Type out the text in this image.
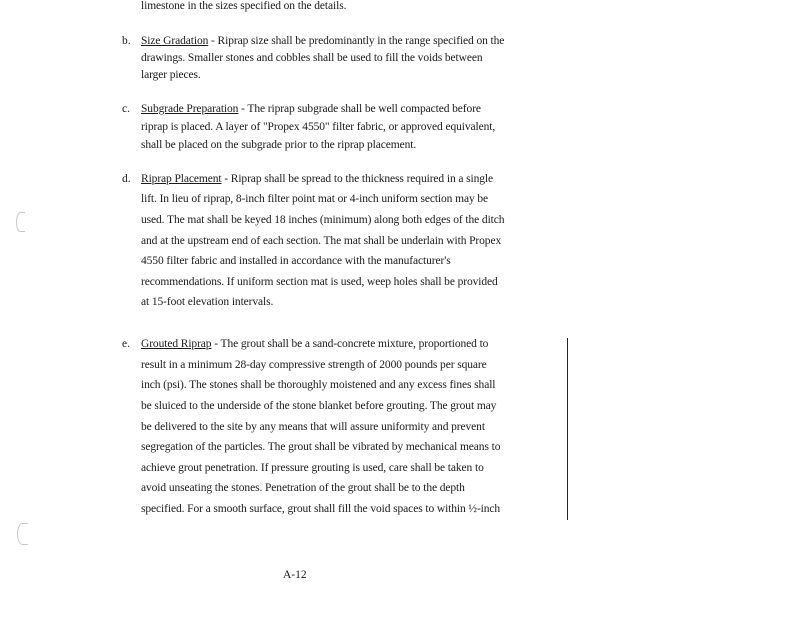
limestone in the sizes specified on the details.
b. Size Gradation - Riprap size shall be predominantly in the range specified on the
drawings. Smaller stones and cobbles shall be used to fill the voids between
larger pieces.
c. Subgrade Preparation - The riprap subgrade shall be well compacted before
riprap is placed. A layer of "Propex 4550" filter fabric, or approved equivalent,
shall be placed on the subgrade prior to the riprap placement.
d. Riprap Placement - Riprap shall be spread to the thickness required in a single
lift. In lieu of riprap, 8-inch filter point mat or 4-inch uniform section may be
used. The mat shall be keyed 18 inches (minimum) along both edges of the ditch
and at the upstream end of each section. The mat shall be underlain with Propex
4550 filter fabric and installed in accordance with the manufacturer's
recommendations. If uniform section mat is used, weep holes shall be provided
at 15-foot elevation intervals.
e. Grouted Riprap - The grout shall be a sand-concrete mixture, proportioned to
result in a minimum 28-day compressive strength of 2000 pounds per square
inch (psi). The stones shall be thoroughly moistened and any excess fines shall
be sluiced to the underside of the stone blanket before grouting. The grout may
be delivered to the site by any means that will assure uniformity and prevent
segregation of the particles. The grout shall be vibrated by mechanical means to
achieve grout penetration. If pressure grouting is used, care shall be taken to
avoid unseating the stones. Penetration of the grout shall be to the depth
specified. For a smooth surface, grout shall fill the void spaces to within ½-inch
A-12
